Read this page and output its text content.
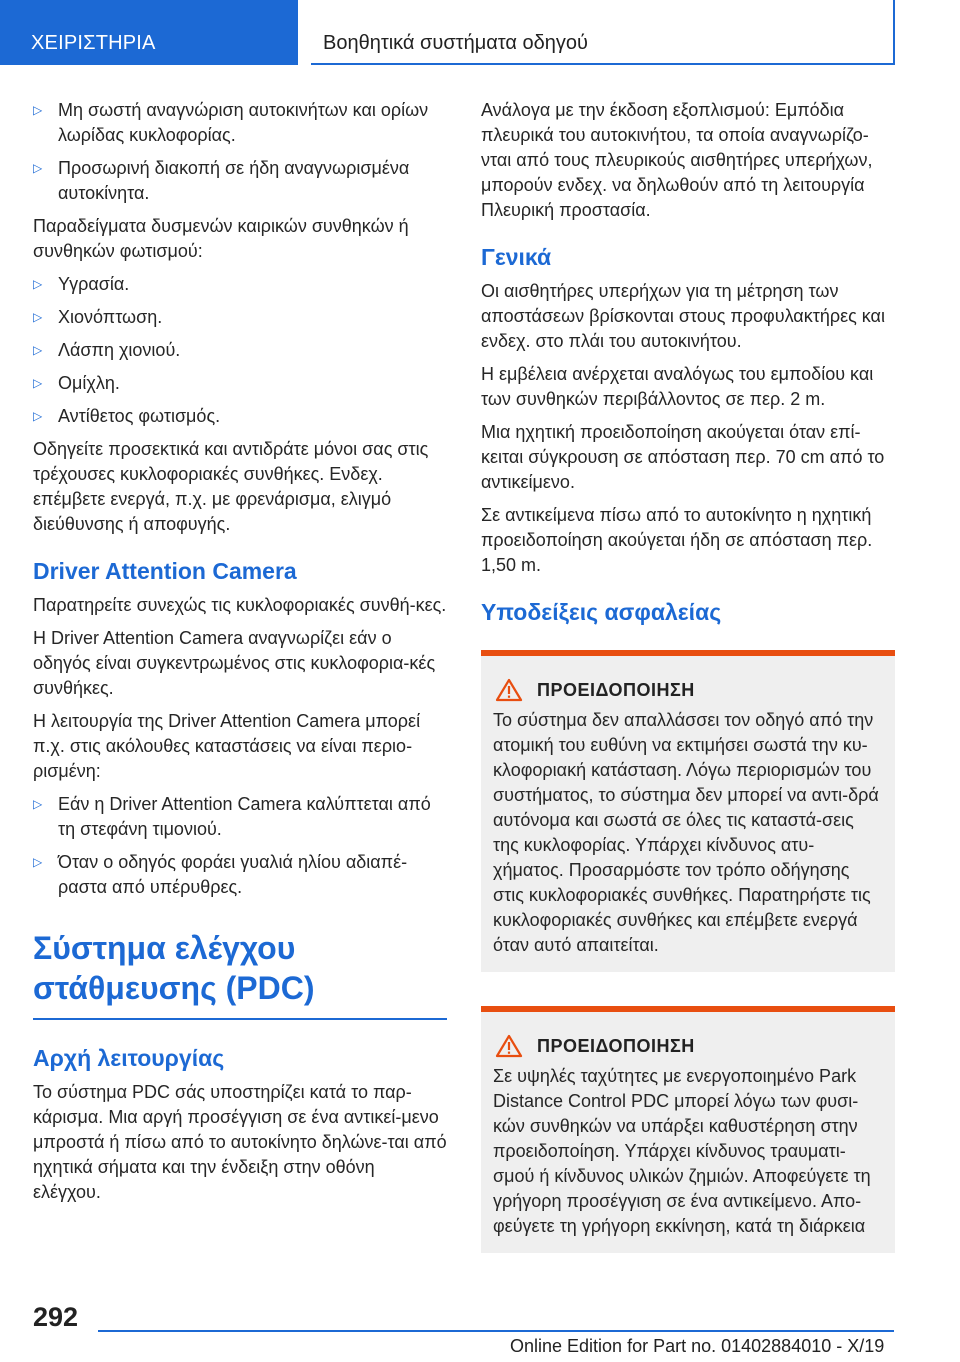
ΧΕΙΡΙΣΤΗΡΙΑ	Βοηθητικά συστήματα οδηγού
▷ Μη σωστή αναγνώριση αυτοκινήτων και ορίων λωρίδας κυκλοφορίας.
▷ Προσωρινή διακοπή σε ήδη αναγνωρισμένα αυτοκίνητα.

Παραδείγματα δυσμενών καιρικών συνθηκών ή συνθηκών φωτισμού:

▷ Υγρασία.
▷ Χιονόπτωση.
▷ Λάσπη χιονιού.
▷ Ομίχλη.
▷ Αντίθετος φωτισμός.

Οδηγείτε προσεκτικά και αντιδράτε μόνοι σας στις τρέχουσες κυκλοφοριακές συνθήκες. Ενδεχ. επέμβετε ενεργά, π.χ. με φρενάρισμα, ελιγμό διεύθυνσης ή αποφυγής.

Driver Attention Camera

Παρατηρείτε συνεχώς τις κυκλοφοριακές συνθή-κες.

Η Driver Attention Camera αναγνωρίζει εάν ο οδηγός είναι συγκεντρωμένος στις κυκλοφορια-κές συνθήκες.

Η λειτουργία της Driver Attention Camera μπορεί π.χ. στις ακόλουθες καταστάσεις να είναι περιο-ρισμένη:

▷ Εάν η Driver Attention Camera καλύπτεται από τη στεφάνη τιμονιού.
▷ Όταν ο οδηγός φοράει γυαλιά ηλίου αδιαπέ-ραστα από υπέρυθρες.
Σύστημα ελέγχου
στάθμευσης (PDC)
Αρχή λειτουργίας

Το σύστημα PDC σάς υποστηρίζει κατά το παρ-κάρισμα. Μια αργή προσέγγιση σε ένα αντικεί-μενο μπροστά ή πίσω από το αυτοκίνητο δηλώνε-ται από ηχητικά σήματα και την ένδειξη στην οθόνη ελέγχου.

Ανάλογα με την έκδοση εξοπλισμού: Εμπόδια πλευρικά του αυτοκινήτου, τα οποία αναγνωρίζο-νται από τους πλευρικούς αισθητήρες υπερήχων, μπορούν ενδεχ. να δηλωθούν από τη λειτουργία Πλευρική προστασία.

Γενικά

Οι αισθητήρες υπερήχων για τη μέτρηση των αποστάσεων βρίσκονται στους προφυλακτήρες και ενδεχ. στο πλάι του αυτοκινήτου.

Η εμβέλεια ανέρχεται αναλόγως του εμποδίου και των συνθηκών περιβάλλοντος σε περ. 2 m.

Μια ηχητική προειδοποίηση ακούγεται όταν επί-κειται σύγκρουση σε απόσταση περ. 70 cm από το αντικείμενο.

Σε αντικείμενα πίσω από το αυτοκίνητο η ηχητική προειδοποίηση ακούγεται ήδη σε απόσταση περ. 1,50 m.

Υποδείξεις ασφαλείας
ΠΡΟΕΙΔΟΠΟΙΗΣΗ

Το σύστημα δεν απαλλάσσει τον οδηγό από την ατομική του ευθύνη να εκτιμήσει σωστά την κυ-κλοφοριακή κατάσταση. Λόγω περιορισμών του συστήματος, το σύστημα δεν μπορεί να αντι-δρά αυτόνομα και σωστά σε όλες τις καταστά-σεις της κυκλοφορίας. Υπάρχει κίνδυνος ατυ-χήματος. Προσαρμόστε τον τρόπο οδήγησης στις κυκλοφοριακές συνθήκες. Παρατηρήστε τις κυκλοφοριακές συνθήκες και επέμβετε ενεργά όταν αυτό απαιτείται.

ΠΡΟΕΙΔΟΠΟΙΗΣΗ

Σε υψηλές ταχύτητες με ενεργοποιημένο Park Distance Control PDC μπορεί λόγω των φυσι-κών συνθηκών να υπάρξει καθυστέρηση στην προειδοποίηση. Υπάρχει κίνδυνος τραυματι-σμού ή κίνδυνος υλικών ζημιών. Αποφεύγετε τη γρήγορη προσέγγιση σε ένα αντικείμενο. Απο-φεύγετε τη γρήγορη εκκίνηση, κατά τη διάρκεια

292
Online Edition for Part no. 01402884010 - X/19
